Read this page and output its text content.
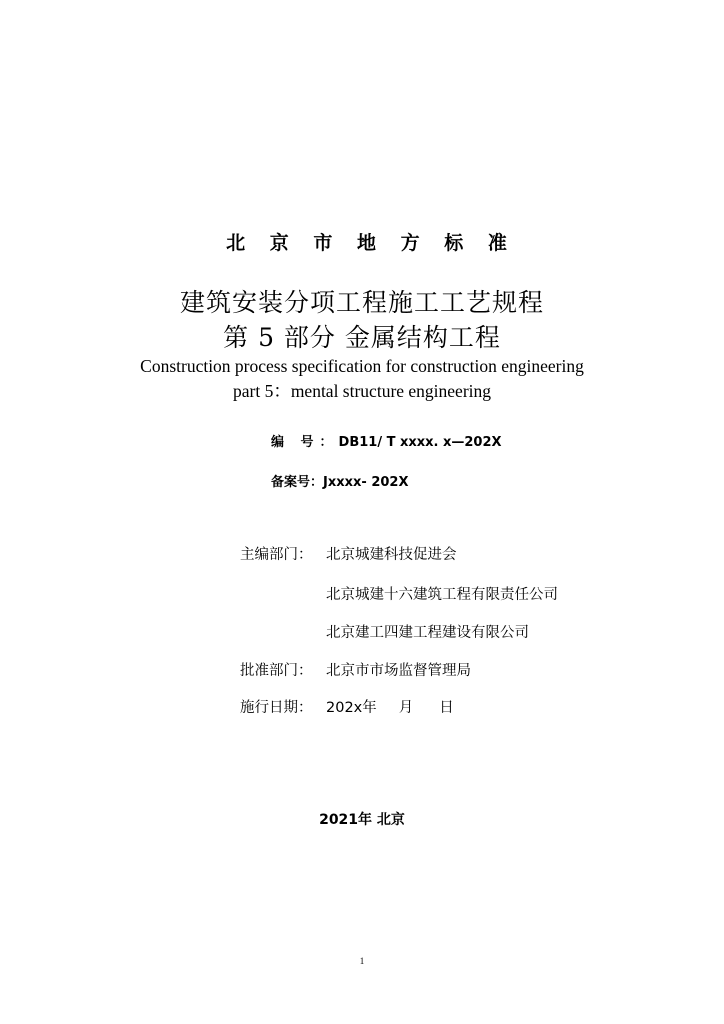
北 京 市 地 方 标 准
建筑安装分项工程施工工艺规程
第 5 部分 金属结构工程
Construction process specification for construction engineering
part 5：mental structure engineering
编 号：DB11/ T xxxx. x—202X
备案号：Jxxxx- 202X
主编部门： 北京城建科技促进会
北京城建十六建筑工程有限责任公司
北京建工四建工程建设有限公司
批准部门： 北京市市场监督管理局
施行日期： 202x年 月 日
2021年 北京
1
